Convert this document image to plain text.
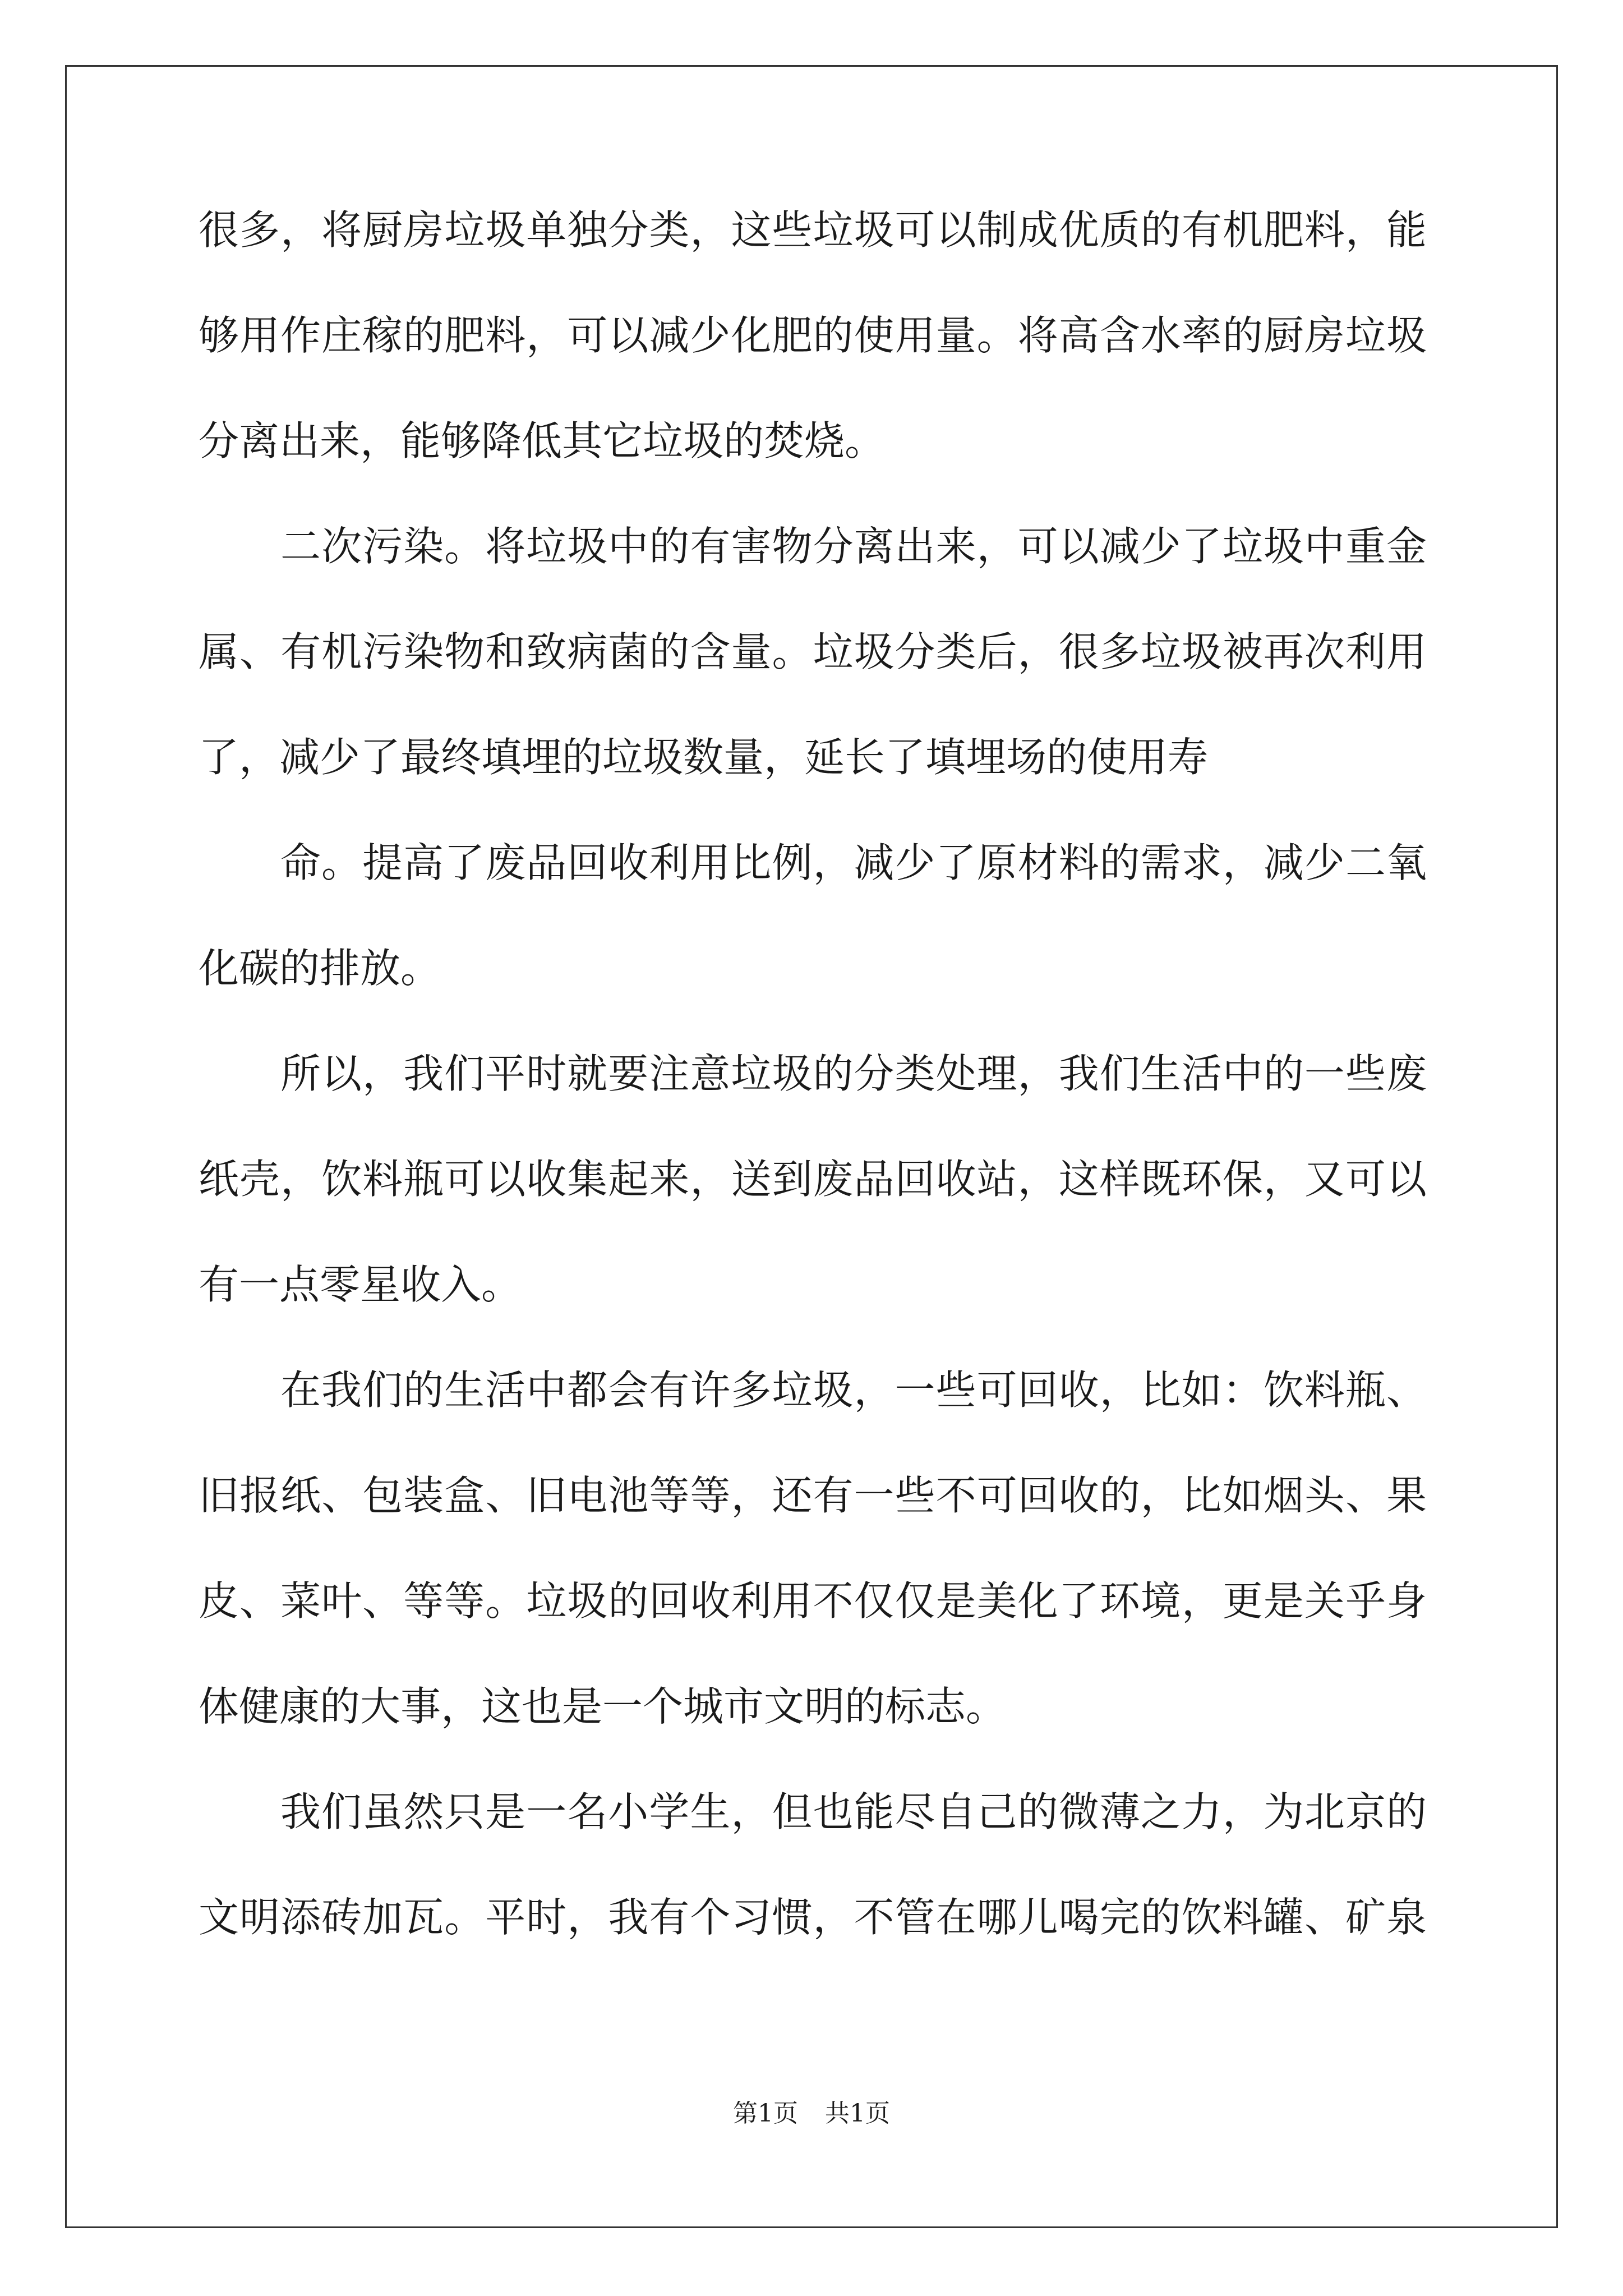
很多，将厨房垃圾单独分类，这些垃圾可以制成优质的有机肥料，能
够用作庄稼的肥料，可以减少化肥的使用量。将高含水率的厨房垃圾
分离出来，能够降低其它垃圾的焚烧。
二次污染。将垃圾中的有害物分离出来，可以减少了垃圾中重金
属、有机污染物和致病菌的含量。垃圾分类后，很多垃圾被再次利用
了，减少了最终填埋的垃圾数量，延长了填埋场的使用寿
命。提高了废品回收利用比例，减少了原材料的需求，减少二氧
化碳的排放。
所以，我们平时就要注意垃圾的分类处理，我们生活中的一些废
纸壳，饮料瓶可以收集起来，送到废品回收站，这样既环保，又可以
有一点零星收入。
在我们的生活中都会有许多垃圾，一些可回收，比如：饮料瓶、
旧报纸、包装盒、旧电池等等，还有一些不可回收的，比如烟头、果
皮、菜叶、等等。垃圾的回收利用不仅仅是美化了环境，更是关乎身
体健康的大事，这也是一个城市文明的标志。
我们虽然只是一名小学生，但也能尽自己的微薄之力，为北京的
文明添砖加瓦。平时，我有个习惯，不管在哪儿喝完的饮料罐、矿泉
第1页 共1页
